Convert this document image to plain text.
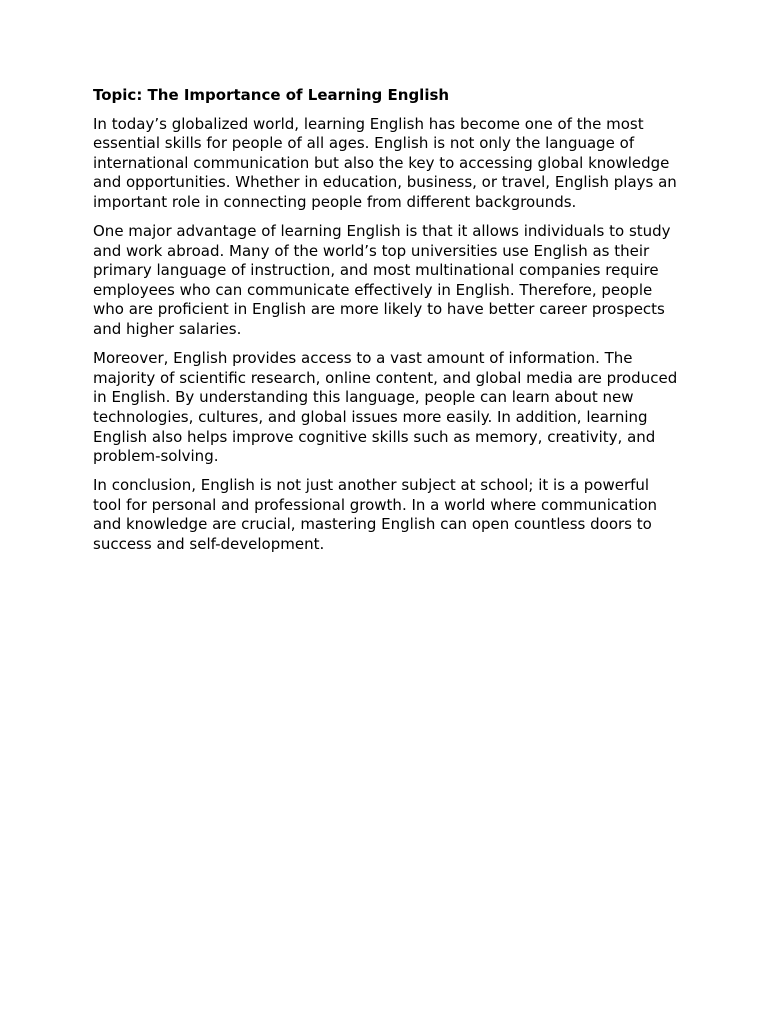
Topic: The Importance of Learning English

In today’s globalized world, learning English has become one of the most essential skills for people of all ages. English is not only the language of international communication but also the key to accessing global knowledge and opportunities. Whether in education, business, or travel, English plays an important role in connecting people from different backgrounds.

One major advantage of learning English is that it allows individuals to study and work abroad. Many of the world’s top universities use English as their primary language of instruction, and most multinational companies require employees who can communicate effectively in English. Therefore, people who are proficient in English are more likely to have better career prospects and higher salaries.

Moreover, English provides access to a vast amount of information. The majority of scientific research, online content, and global media are produced in English. By understanding this language, people can learn about new technologies, cultures, and global issues more easily. In addition, learning English also helps improve cognitive skills such as memory, creativity, and problem-solving.

In conclusion, English is not just another subject at school; it is a powerful tool for personal and professional growth. In a world where communication and knowledge are crucial, mastering English can open countless doors to success and self-development.
